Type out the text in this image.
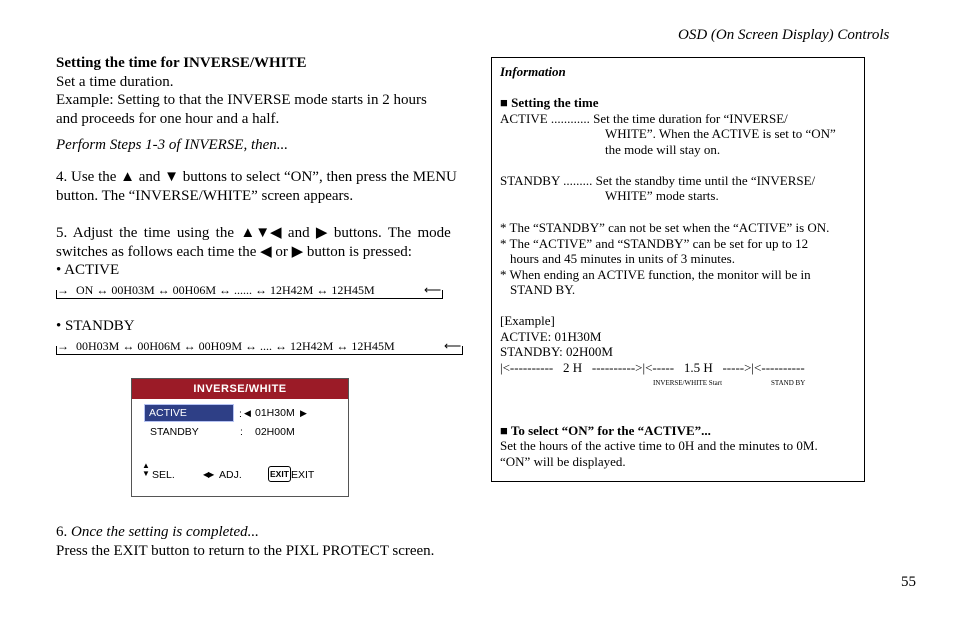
OSD (On Screen Display) Controls
Setting the time for INVERSE/WHITE
Set a time duration.
Example: Setting to that the INVERSE mode starts in 2 hours
and proceeds for one hour and a half.
Perform Steps 1-3 of INVERSE, then...
4. Use the ▲ and ▼ buttons to select “ON”, then press the MENU
button. The “INVERSE/WHITE” screen appears.
5. Adjust the time using the ▲▼◀ and ▶ buttons. The mode
switches as follows each time the ◀ or ▶ button is pressed:
• ACTIVE
→ ON ↔ 00H03M ↔ 00H06M ↔ ...... ↔ 12H42M ↔ 12H45M	⟵
• STANDBY
→ 00H03M ↔ 00H06M ↔ 00H09M ↔ .... ↔ 12H42M ↔ 12H45M	⟵
INVERSE/WHITE
ACTIVE	: ◀ 01H30M ▶
STANDBY	: 02H00M
▲
▼ SEL.	◀▶ ADJ.	EXIT EXIT
6. Once the setting is completed...
Press the EXIT button to return to the PIXL PROTECT screen.
Information
■ Setting the time
ACTIVE ............ Set the time duration for “INVERSE/
WHITE”. When the ACTIVE is set to “ON”
the mode will stay on.
STANDBY ......... Set the standby time until the “INVERSE/
WHITE” mode starts.
* The “STANDBY” can not be set when the “ACTIVE” is ON.
* The “ACTIVE” and “STANDBY” can be set for up to 12
hours and 45 minutes in units of 3 minutes.
* When ending an ACTIVE function, the monitor will be in
STAND BY.
[Example]
ACTIVE: 01H30M
STANDBY: 02H00M
|<----------   2 H   ---------->|<-----   1.5 H   ----->|<----------
INVERSE/WHITE Start	STAND BY
■ To select “ON” for the “ACTIVE”...
Set the hours of the active time to 0H and the minutes to 0M.
“ON” will be displayed.
55
